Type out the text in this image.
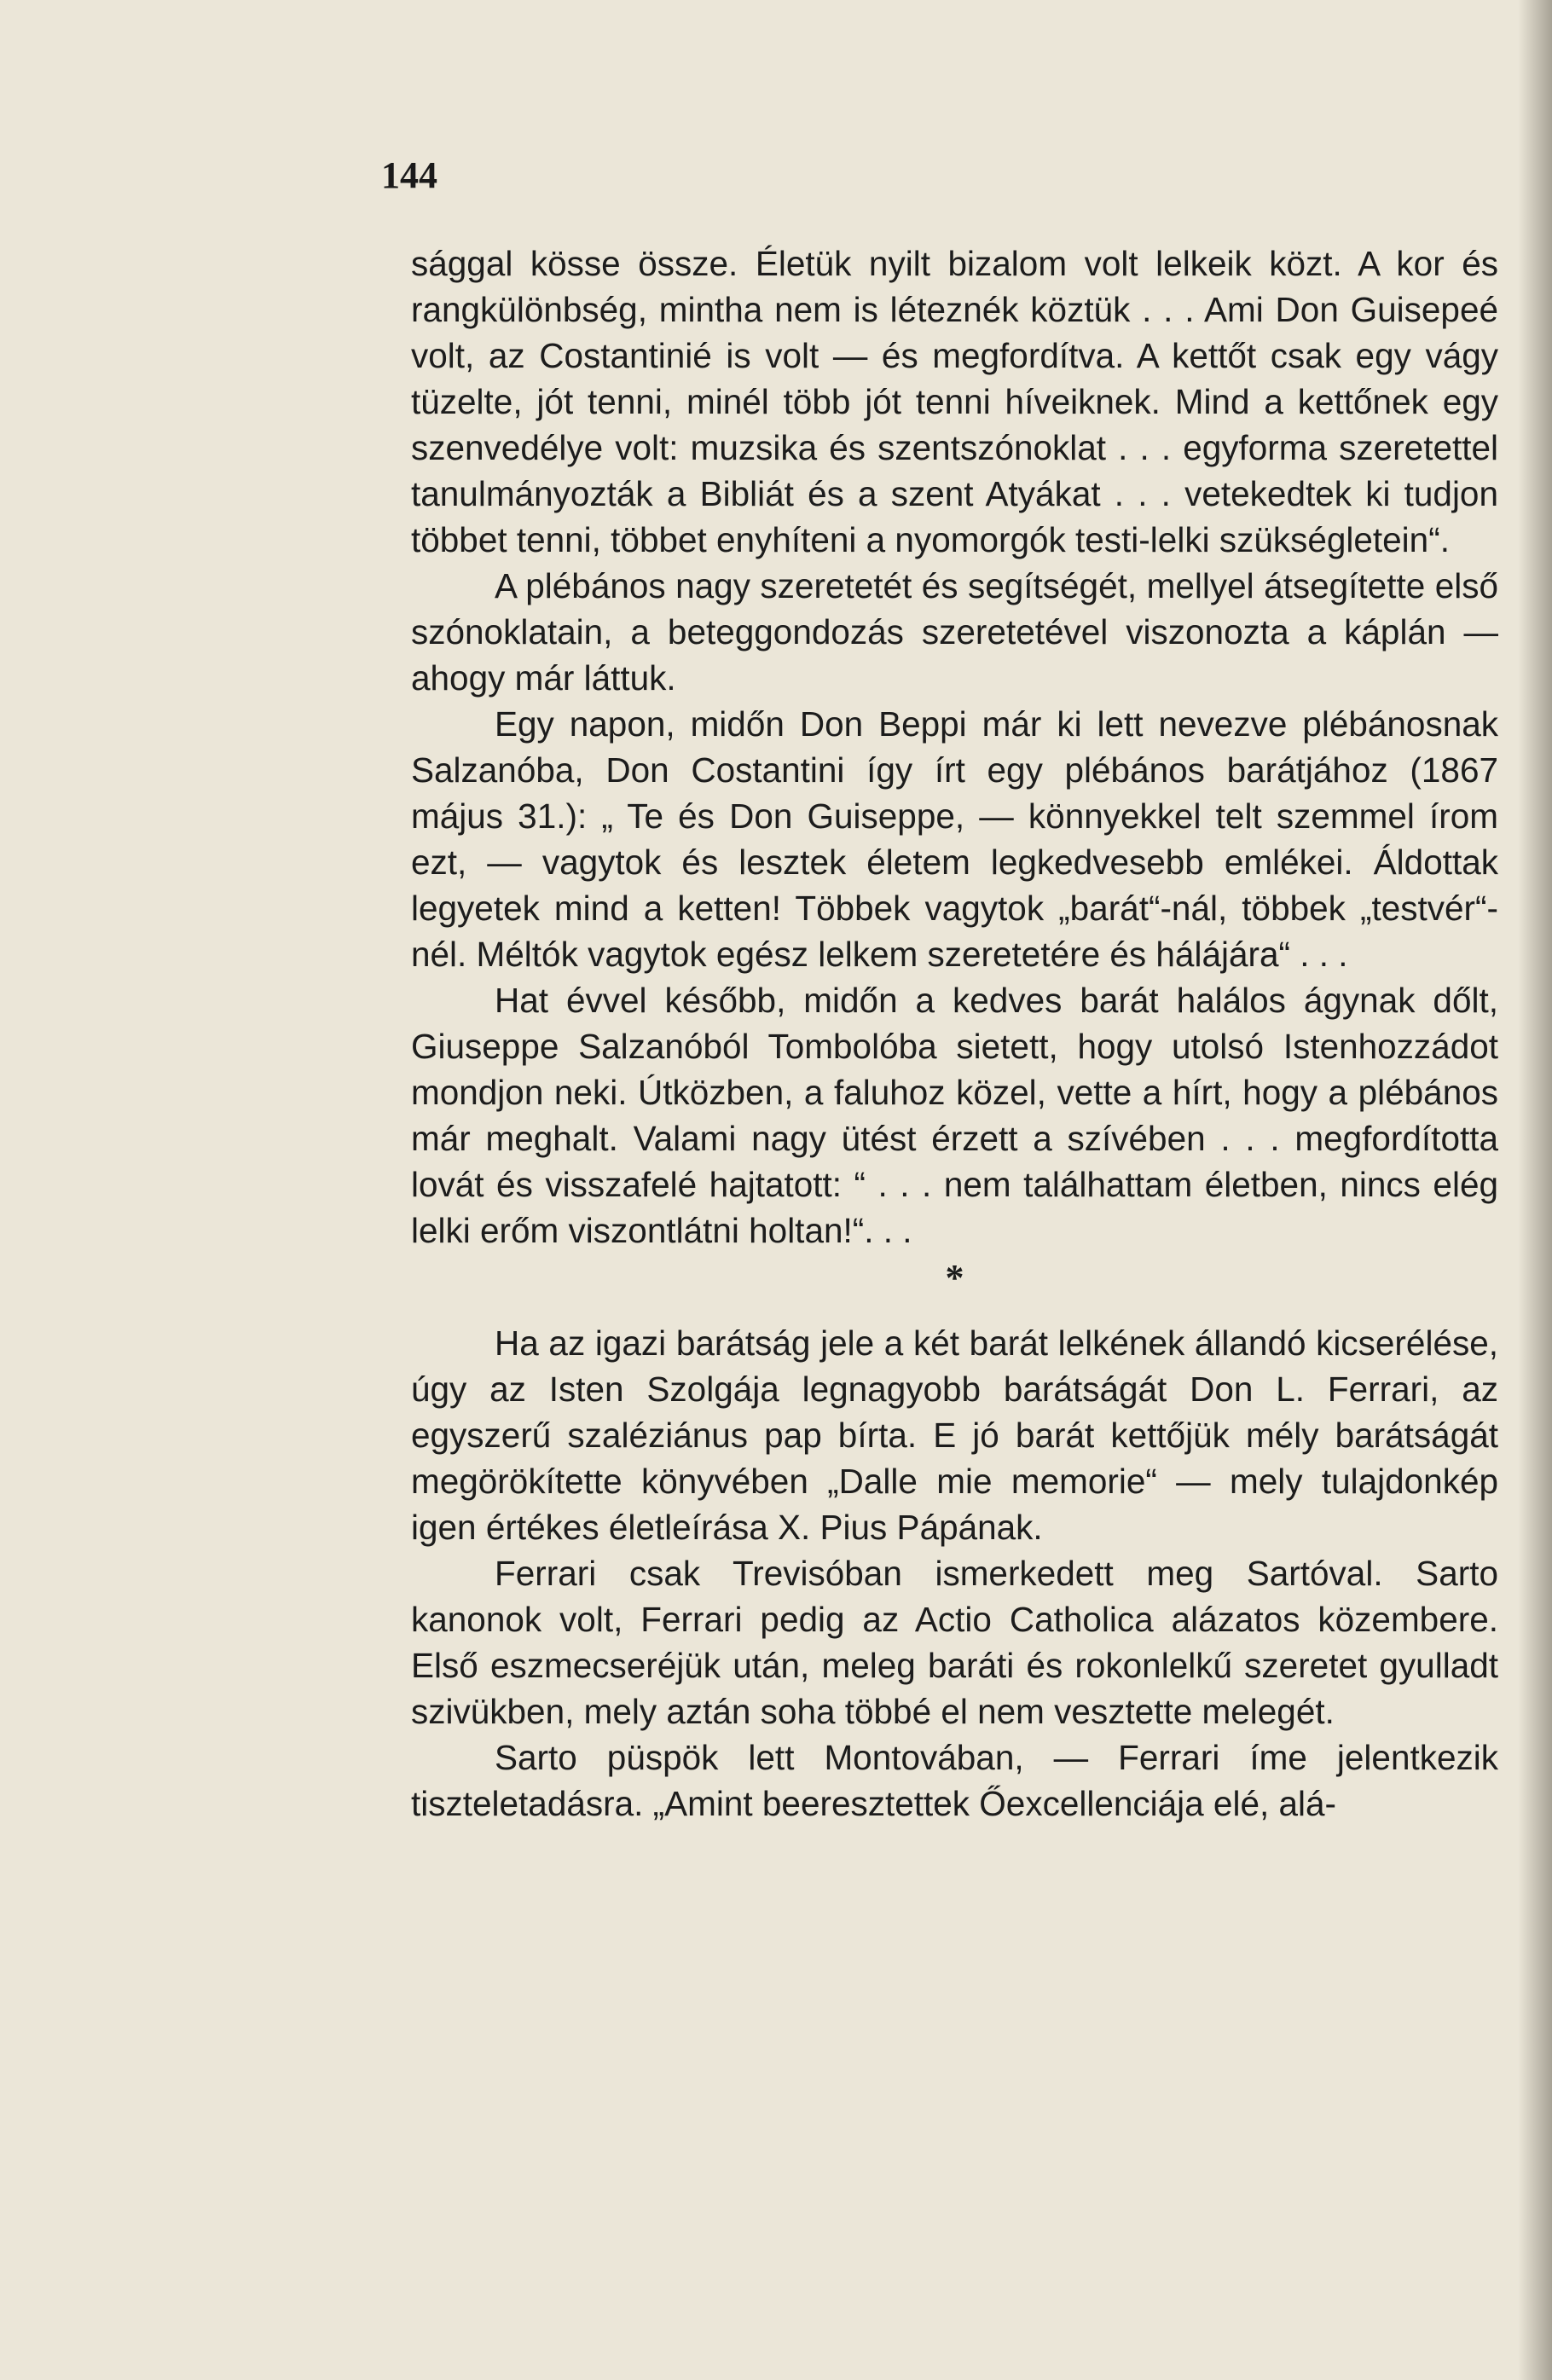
144

sággal kösse össze. Életük nyilt bizalom volt lelkeik közt. A kor és rangkülönbség, mintha nem is léteznék köztük . . . Ami Don Guisepeé volt, az Costantinié is volt — és megfordítva. A kettőt csak egy vágy tüzelte, jót tenni, minél több jót tenni híveiknek. Mind a kettőnek egy szenvedélye volt: muzsika és szentszónoklat . . . egyforma szeretettel tanulmányozták a Bibliát és a szent Atyákat . . . vetekedtek ki tudjon többet tenni, többet enyhíteni a nyomorgók testi-lelki szükségletein“.

A plébános nagy szeretetét és segítségét, mellyel átsegítette első szónoklatain, a beteggondozás szeretetével viszonozta a káplán — ahogy már láttuk.

Egy napon, midőn Don Beppi már ki lett nevezve plébánosnak Salzanóba, Don Costantini így írt egy plébános barátjához (1867 május 31.): „ Te és Don Guiseppe, — könnyekkel telt szemmel írom ezt, — vagytok és lesztek életem legkedvesebb emlékei. Áldottak legyetek mind a ketten! Többek vagytok „barát“-nál, többek „testvér“-nél. Méltók vagytok egész lelkem szeretetére és hálájára“ . . .

Hat évvel később, midőn a kedves barát halálos ágynak dőlt, Giuseppe Salzanóból Tombolóba sietett, hogy utolsó Istenhozzádot mondjon neki. Útközben, a faluhoz közel, vette a hírt, hogy a plébános már meghalt. Valami nagy ütést érzett a szívében . . . megfordította lovát és visszafelé hajtatott: “ . . . nem találhattam életben, nincs elég lelki erőm viszontlátni holtan!“. . .

*

Ha az igazi barátság jele a két barát lelkének állandó kicserélése, úgy az Isten Szolgája legnagyobb barátságát Don L. Ferrari, az egyszerű szaléziánus pap bírta. E jó barát kettőjük mély barátságát megörökítette könyvében „Dalle mie memorie“ — mely tulajdonkép igen értékes életleírása X. Pius Pápának.

Ferrari csak Trevisóban ismerkedett meg Sartóval. Sarto kanonok volt, Ferrari pedig az Actio Catholica alázatos közembere. Első eszmecseréjük után, meleg baráti és rokonlelkű szeretet gyulladt szivükben, mely aztán soha többé el nem vesztette melegét.

Sarto püspök lett Montovában, — Ferrari íme jelentkezik tiszteletadásra. „Amint beeresztettek Őexcellenciája elé, alá-
